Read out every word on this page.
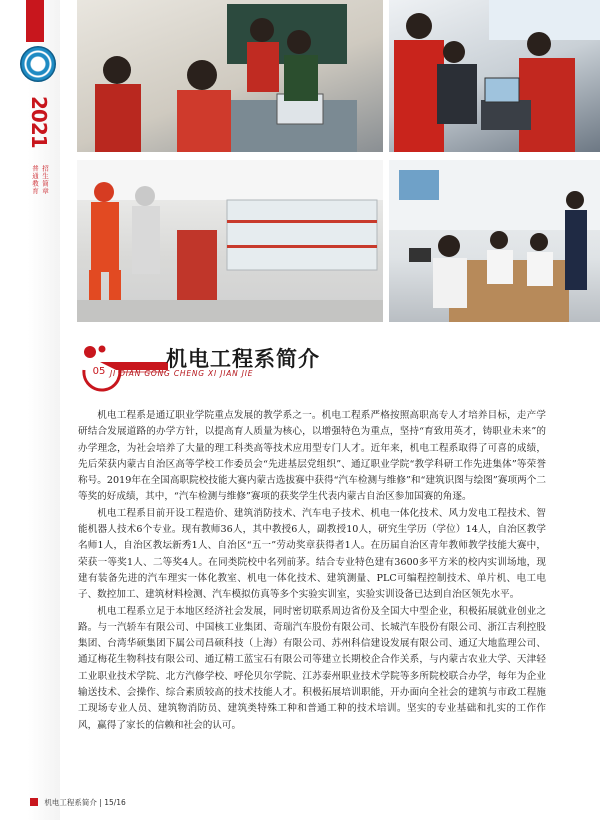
2021
招生简章
普通教育
05
机电工程系简介
JI DIAN GONG CHENG XI JIAN JIE

机电工程系是通辽职业学院重点发展的教学系之一。机电工程系严格按照高职高专人才培养目标，走产学研结合发展道路的办学方针，以提高育人质量为核心，以增强特色为重点，坚持“育致用英才，铸职业未来”的办学理念，为社会培养了大量的理工科类高等技术应用型专门人才。近年来，机电工程系取得了可喜的成绩，先后荣获内蒙古自治区高等学校工作委员会“先进基层党组织”、通辽职业学院“教学科研工作先进集体”等荣誉称号。2019年在全国高职院校技能大赛内蒙古选拔赛中获得“汽车检测与维修”和“建筑识图与绘图”赛项两个二等奖的好成绩，其中，“汽车检测与维修”赛项的获奖学生代表内蒙古自治区参加国赛的角逐。

机电工程系目前开设工程造价、建筑消防技术、汽车电子技术、机电一体化技术、风力发电工程技术、智能机器人技术6个专业。现有教师36人，其中教授6人，副教授10人，研究生学历（学位）14人，自治区教学名师1人，自治区教坛新秀1人、自治区“五一”劳动奖章获得者1人。在历届自治区青年教师教学技能大赛中，荣获一等奖1人、二等奖4人。在同类院校中名列前茅。结合专业特色建有3600多平方米的校内实训场地，现建有装备先进的汽车理实一体化教室、机电一体化技术、建筑测量、PLC可编程控制技术、单片机、电工电子、数控加工、建筑材料检测、汽车模拟仿真等多个实验实训室，实验实训设备已达到自治区领先水平。

机电工程系立足于本地区经济社会发展，同时密切联系周边省份及全国大中型企业，积极拓展就业创业之路。与一汽轿车有限公司、中国核工业集团、奇瑞汽车股份有限公司、长城汽车股份有限公司、浙江吉利控股集团、台湾华硕集团下属公司昌硕科技（上海）有限公司、苏州科信建设发展有限公司、通辽大地监理公司、通辽梅花生物科技有限公司、通辽精工蓝宝石有限公司等建立长期校企合作关系，与内蒙古农业大学、天津轻工业职业技术学院、北方汽修学校、呼伦贝尔学院、江苏泰州职业技术学院等多所院校联合办学，每年为企业输送技术、会操作、综合素质较高的技术技能人才。积极拓展培训职能，开办面向全社会的建筑与市政工程施工现场专业人员、建筑物消防员、建筑类特殊工种和普通工种的技术培训。坚实的专业基础和扎实的工作作风，赢得了家长的信赖和社会的认可。

机电工程系简介 | 15/16
